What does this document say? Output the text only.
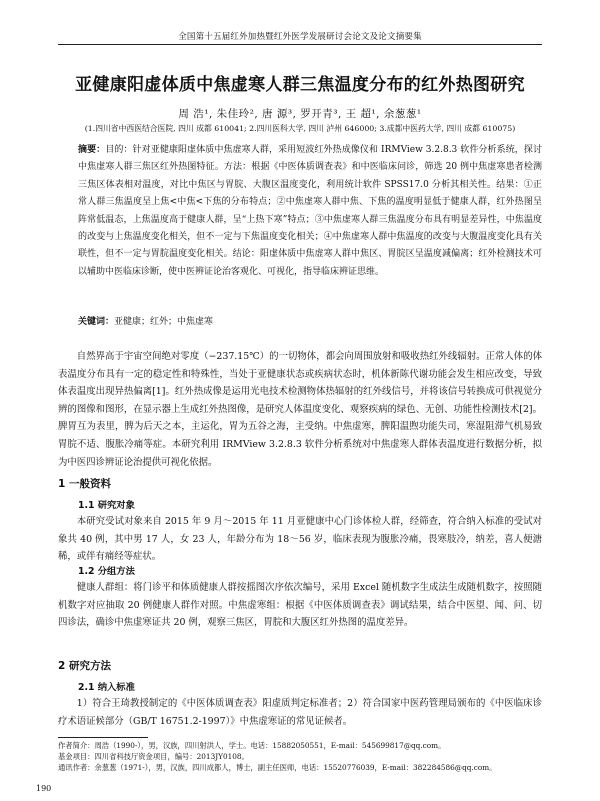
全国第十五届红外加热暨红外医学发展研讨会论文及论文摘要集
亚健康阳虚体质中焦虚寒人群三焦温度分布的红外热图研究
周 浩¹, 朱佳玲², 唐 源³, 罗开青³, 王 超¹, 余葱葱¹
(1.四川省中西医结合医院, 四川 成都 610041; 2.四川医科大学, 四川 泸州 646000; 3.成都中医药大学, 四川 成都 610075)
摘要：目的：针对亚健康阳虚体质中焦虚寒人群，采用短波红外热成像仪和 IRMView 3.2.8.3 软件分析系统，探讨中焦虚寒人群三焦区红外热图特征。方法：根据《中医体质调查表》和中医临床问诊，筛选 20 例中焦虚寒患者检测三焦区体表相对温度，对比中焦区与胃脘、大腹区温度变化，利用统计软件 SPSS17.0 分析其相关性。结果：①正常人群三焦温度呈上焦<中焦<下焦的分布特点；②中焦虚寒人群中焦、下焦的温度明显低于健康人群，红外热图呈阵常低温态，上焦温度高于健康人群，呈“上热下寒”特点；③中焦虚寒人群三焦温度分布具有明显差异性，中焦温度的改变与上焦温度变化相关，但不一定与下焦温度变化相关；④中焦虚寒人群中焦温度的改变与大腹温度变化具有关联性，但不一定与胃脘温度变化相关。结论：阳虚体质中焦虚寒人群中焦区、胃脘区呈温度减偏离；红外检测技术可以辅助中医临床诊断，使中医辨证论治客观化、可视化，指导临床辨证思维。
关键词：亚健康；红外；中焦虚寒
自然界高于宇宙空间绝对零度（−237.15℃）的一切物体，都会向周围放射和吸收热红外线辐射。正常人体的体表温度分布具有一定的稳定性和特殊性，当处于亚健康状态或疾病状态时，机体新陈代谢功能会发生相应改变，导致体表温度出现异热偏离[1]。红外热成像是运用光电技术检测物体热辐射的红外线信号，并将该信号转换成可供视觉分辨的图像和图形，在显示器上生成红外热图像，是研究人体温度变化、观察疾病的绿色、无创、功能性检测技术[2]。脾胃互为表里，脾为后天之本，主运化，胃为五谷之海，主受纳。中焦虚寒，脾阳温煦功能失司，寒湿阻滞气机易致胃脘不适、腹胀冷痛等症。本研究利用 IRMView 3.2.8.3 软件分析系统对中焦虚寒人群体表温度进行数据分析，拟为中医四诊辨证论治提供可视化依据。
1 一般资料
1.1 研究对象
本研究受试对象来自 2015 年 9 月～2015 年 11 月亚健康中心门诊体检人群，经筛查，符合纳入标准的受试对象共 40 例，其中男 17 人，女 23 人，年龄分布为 18～56 岁，临床表现为腹胀冷痛，畏寒肢冷，纳差，喜人便溏稀，或伴有痛经等症状。
1.2 分组方法
健康人群组：将门诊平和体质健康人群按摇图次序依次编号，采用 Excel 随机数字生成法生成随机数字，按照随机数字对应抽取 20 例健康人群作对照。中焦虚寒组：根据《中医体质调查表》调试结果，结合中医望、闻、问、切四诊法，确诊中焦虚寒证共 20 例，观察三焦区，胃脘和大腹区红外热图的温度差异。
2 研究方法
2.1 纳入标准
1）符合王琦教授制定的《中医体质调查表》阳虚质判定标准者；2）符合国家中医药管理局颁布的《中医临床诊疗术语证候部分（GB/T 16751.2-1997）》中焦虚寒证的常见证候者。
作者简介：周浩（1990-），男，汉族，四川射洪人，学士。电话：15882050551，E-mail：545699817@qq.com。
基金项目：四川省科技厅资金项目，编号：2013JY0108。
通讯作者：余葱葱（1971-），男，汉族，四川成都人，博士，副主任医师，电话：15520776039，E-mail：382284586@qq.com。
190
